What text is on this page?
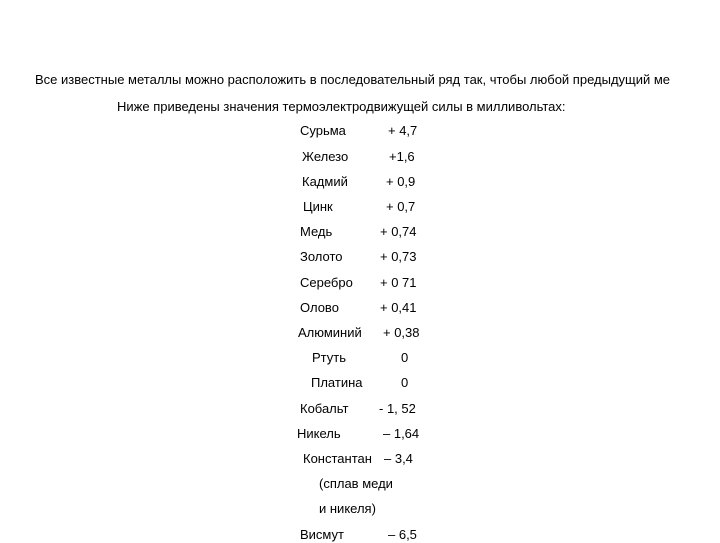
Все известные металлы можно расположить в последовательный ряд так, чтобы любой предыдущий ме
Ниже приведены значения термоэлектродвижущей силы в милливольтах:
Сурьма	+ 4,7
Железо	+1,6
Кадмий	+ 0,9
Цинк	+ 0,7
Медь	+ 0,74
Золото	+ 0,73
Серебро + 0 71
Олово	+ 0,41
Алюминий + 0,38
Ртуть	0
Платина	0
Кобальт - 1, 52
Никель	– 1,64
Константан – 3,4
(сплав меди
и никеля)
Висмут	– 6,5
